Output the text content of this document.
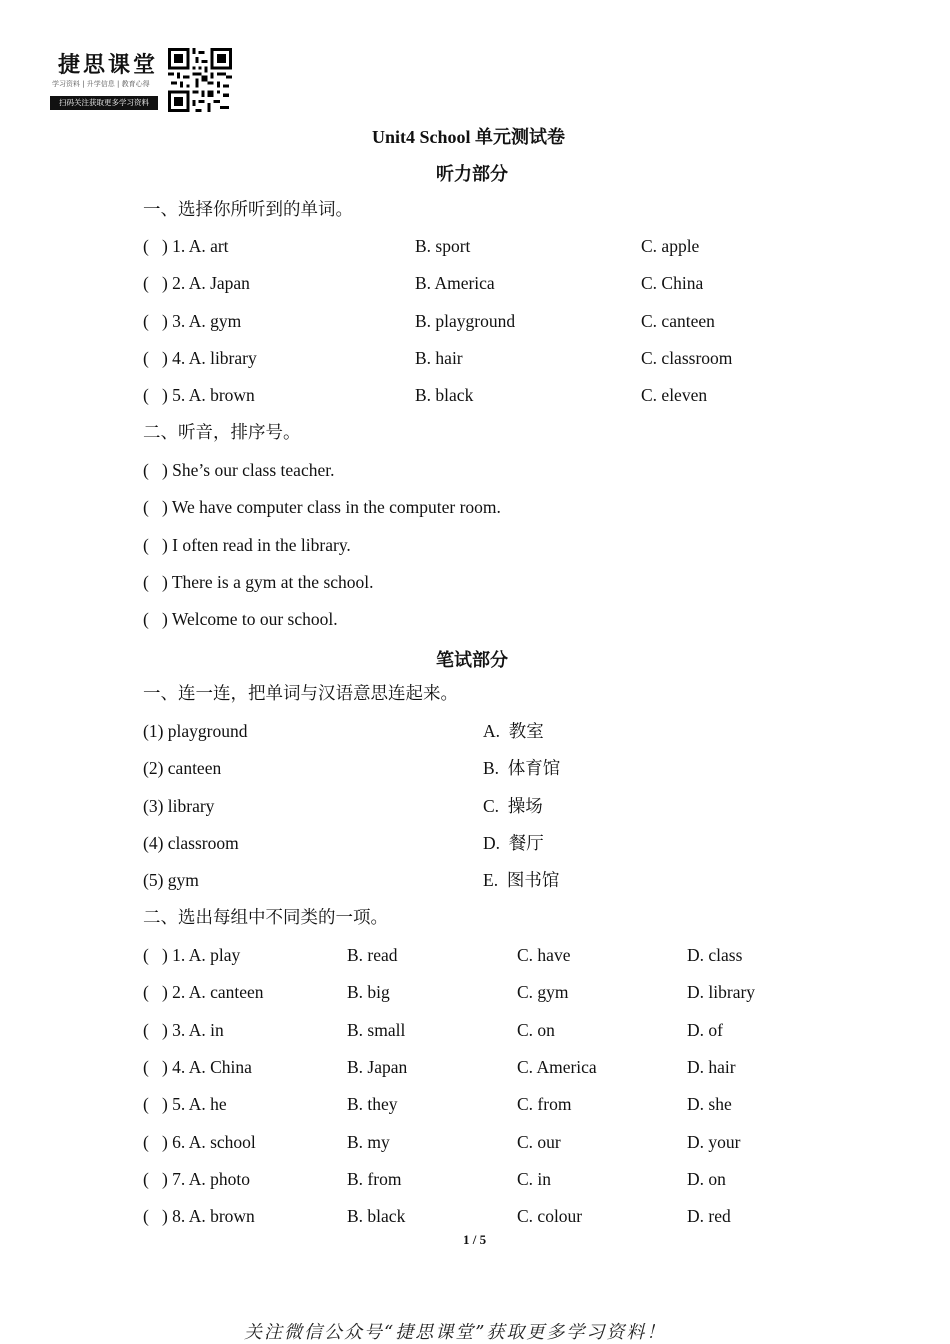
捷思课堂
学习资料 | 升学信息 | 教育心得
扫码关注获取更多学习资料
Unit4 School 单元测试卷
听力部分
一、选择你所听到的单词。
(   ) 1. A. art	B. sport	C. apple
(   ) 2. A. Japan	B. America	C. China
(   ) 3. A. gym	B. playground	C. canteen
(   ) 4. A. library	B. hair	C. classroom
(   ) 5. A. brown	B. black	C. eleven
二、听音，排序号。
(   ) She’s our class teacher.
(   ) We have computer class in the computer room.
(   ) I often read in the library.
(   ) There is a gym at the school.
(   ) Welcome to our school.
笔试部分
一、连一连，把单词与汉语意思连起来。
(1) playground	A.  教室
(2) canteen	B.  体育馆
(3) library	C.  操场
(4) classroom	D.  餐厅
(5) gym	E.  图书馆
二、选出每组中不同类的一项。
(   ) 1. A. play	B. read	C. have	D. class
(   ) 2. A. canteen	B. big	C. gym	D. library
(   ) 3. A. in	B. small	C. on	D. of
(   ) 4. A. China	B. Japan	C. America	D. hair
(   ) 5. A. he	B. they	C. from	D. she
(   ) 6. A. school	B. my	C. our	D. your
(   ) 7. A. photo	B. from	C. in	D. on
(   ) 8. A. brown	B. black	C. colour	D. red
1 / 5
关注微信公众号“捷思课堂”获取更多学习资料！
